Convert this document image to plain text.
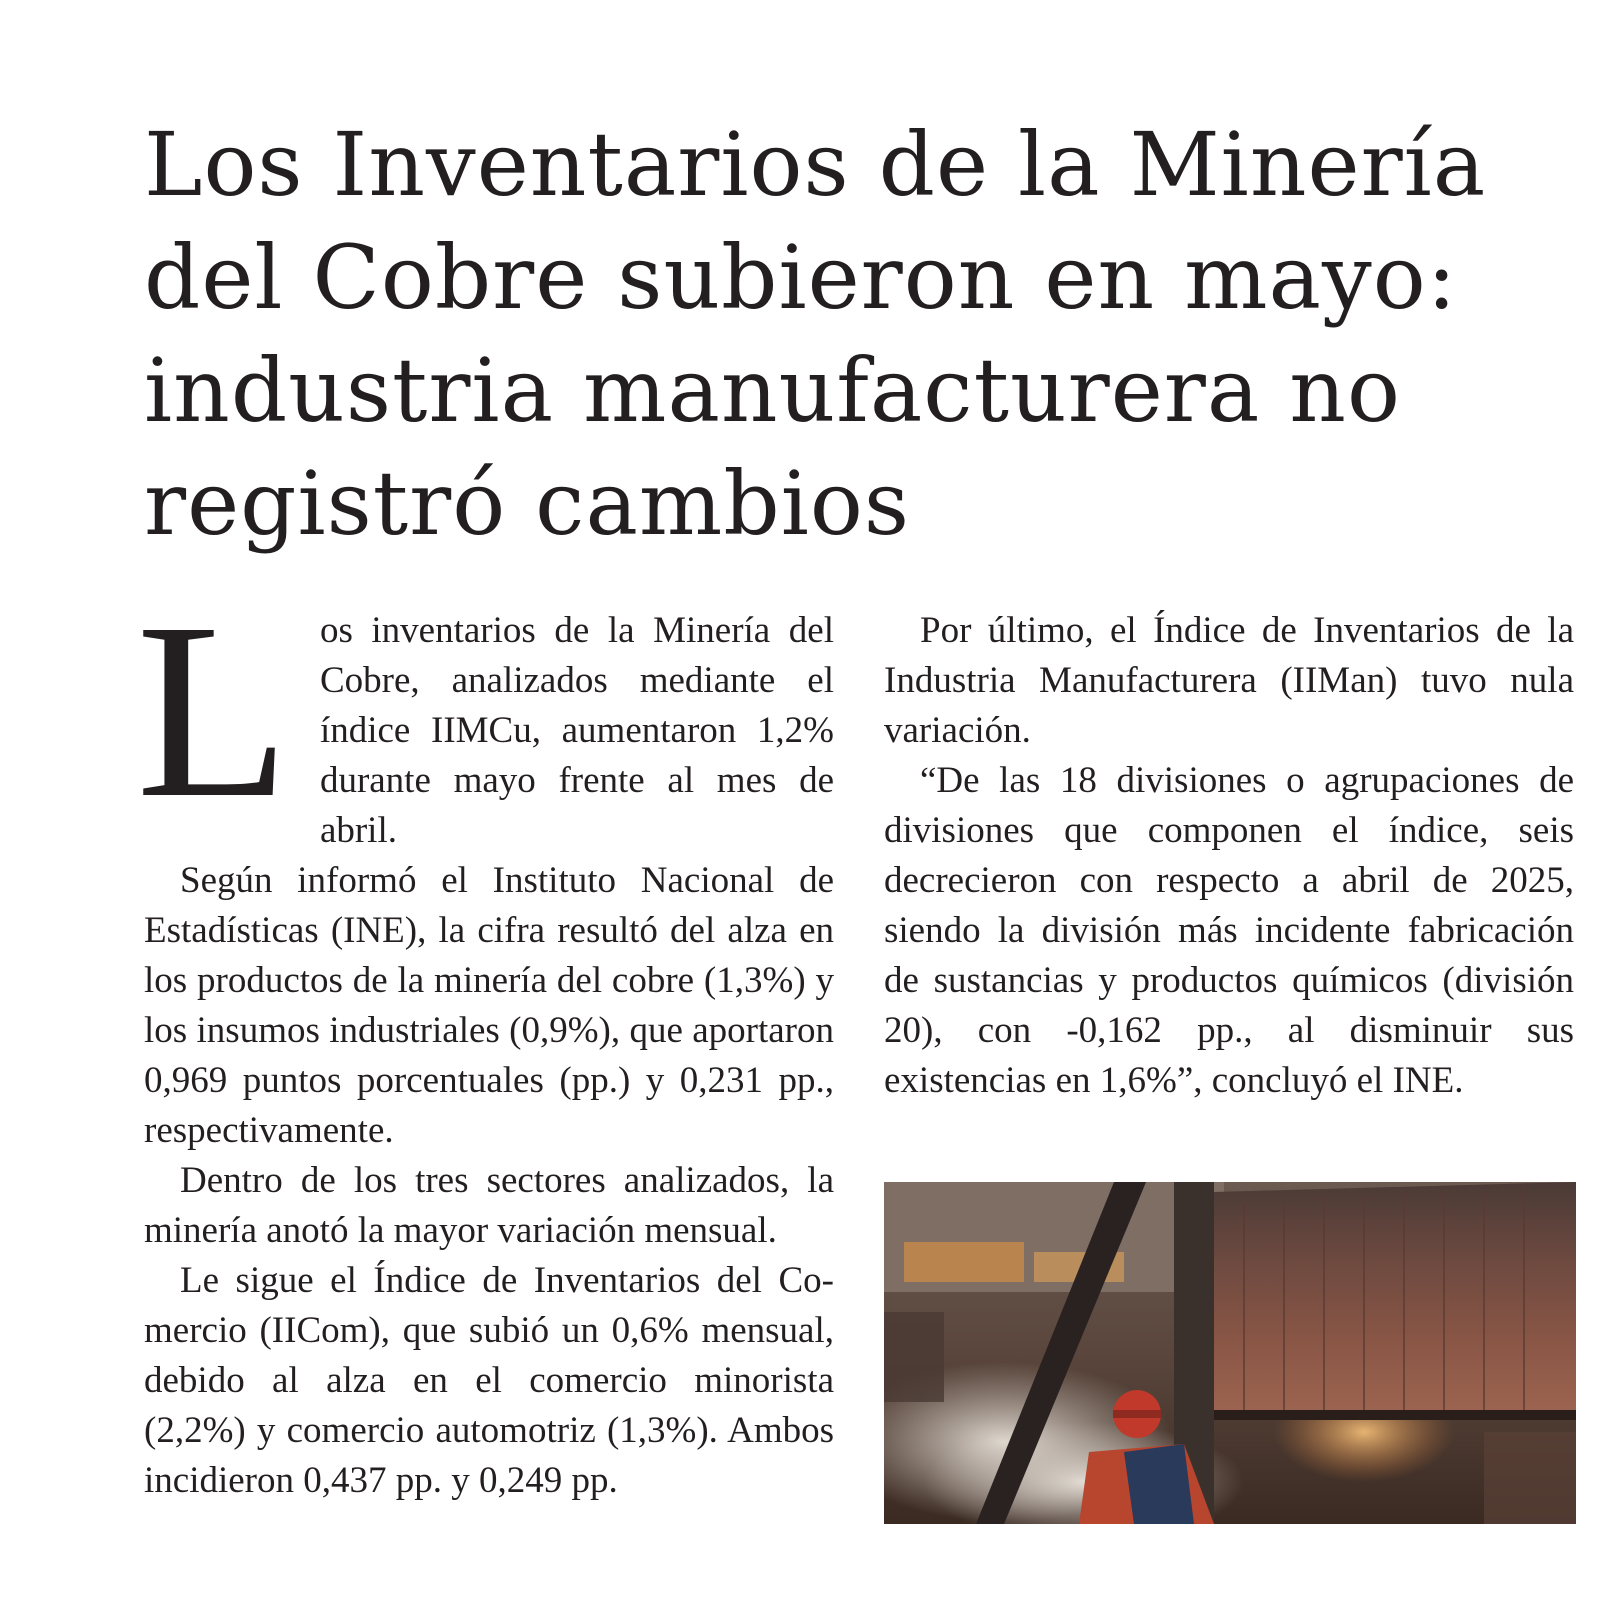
Los Inventarios de la Minería del Cobre subieron en mayo: industria manufacturera no registró cambios

Los inventarios de la Minería del Cobre, analizados mediante el índice IIMCu, aumentaron 1,2% durante mayo frente al mes de abril.

Según informó el Instituto Nacional de Estadísticas (INE), la cifra resultó del alza en los productos de la minería del cobre (1,3%) y los insumos industriales (0,9%), que aportaron 0,969 puntos porcentuales (pp.) y 0,231 pp., respectivamente.

Dentro de los tres sectores analizados, la minería anotó la mayor variación mensual.

Le sigue el Índice de Inventarios del Comercio (IICom), que subió un 0,6% mensual, debido al alza en el comercio minorista (2,2%) y comercio automotriz (1,3%). Ambos incidieron 0,437 pp. y 0,249 pp.

Por último, el Índice de Inventarios de la Industria Manufacturera (IIMan) tuvo nula variación.

“De las 18 divisiones o agrupaciones de divisiones que componen el índice, seis decrecieron con respecto a abril de 2025, siendo la división más incidente fabricación de sustancias y productos químicos (división 20), con -0,162 pp., al disminuir sus existencias en 1,6%”, concluyó el INE.
